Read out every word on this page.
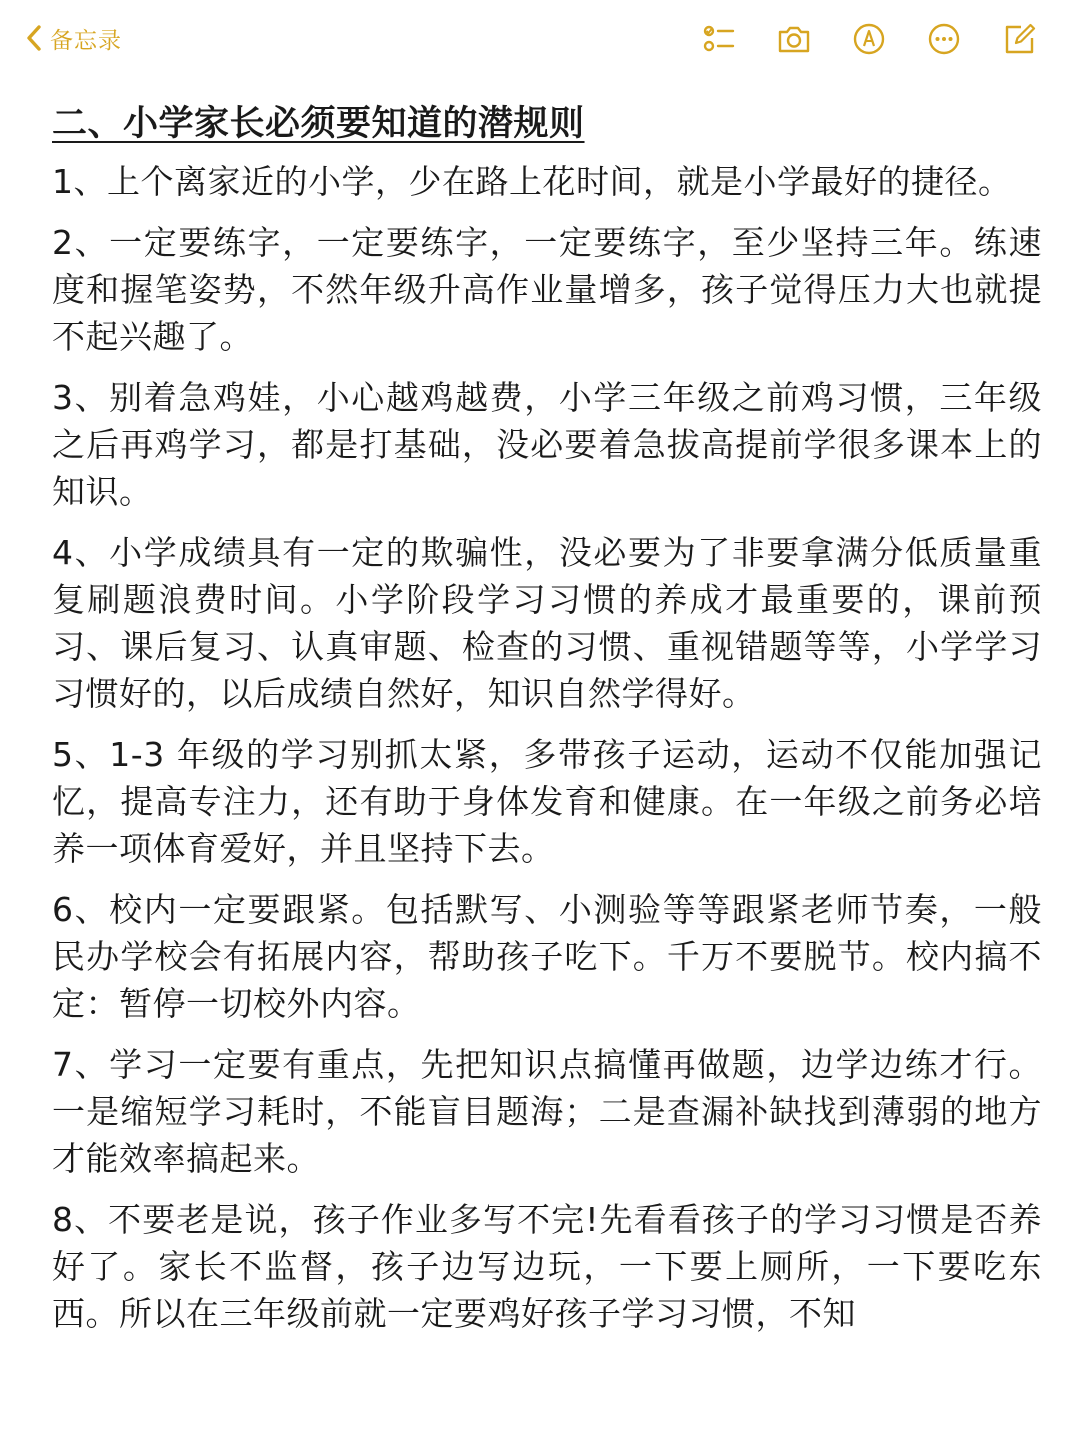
备忘录
二、小学家长必须要知道的潜规则

1、上个离家近的小学，少在路上花时间，就是小学最好的捷径。

2、一定要练字，一定要练字，一定要练字，至少坚持三年。练速度和握笔姿势，不然年级升高作业量增多，孩子觉得压力大也就提不起兴趣了。

3、别着急鸡娃，小心越鸡越费，小学三年级之前鸡习惯，三年级之后再鸡学习，都是打基础，没必要着急拔高提前学很多课本上的知识。

4、小学成绩具有一定的欺骗性，没必要为了非要拿满分低质量重复刷题浪费时间。小学阶段学习习惯的养成才最重要的，课前预习、课后复习、认真审题、检查的习惯、重视错题等等，小学学习习惯好的，以后成绩自然好，知识自然学得好。

5、1-3 年级的学习别抓太紧，多带孩子运动，运动不仅能加强记忆，提高专注力，还有助于身体发育和健康。在一年级之前务必培养一项体育爱好，并且坚持下去。

6、校内一定要跟紧。包括默写、小测验等等跟紧老师节奏，一般民办学校会有拓展内容，帮助孩子吃下。千万不要脱节。校内搞不定：暂停一切校外内容。

7、学习一定要有重点，先把知识点搞懂再做题，边学边练才行。一是缩短学习耗时，不能盲目题海；二是查漏补缺找到薄弱的地方才能效率搞起来。

8、不要老是说，孩子作业多写不完!先看看孩子的学习习惯是否养好了。家长不监督，孩子边写边玩，一下要上厕所，一下要吃东西。所以在三年级前就一定要鸡好孩子学习习惯，不知
